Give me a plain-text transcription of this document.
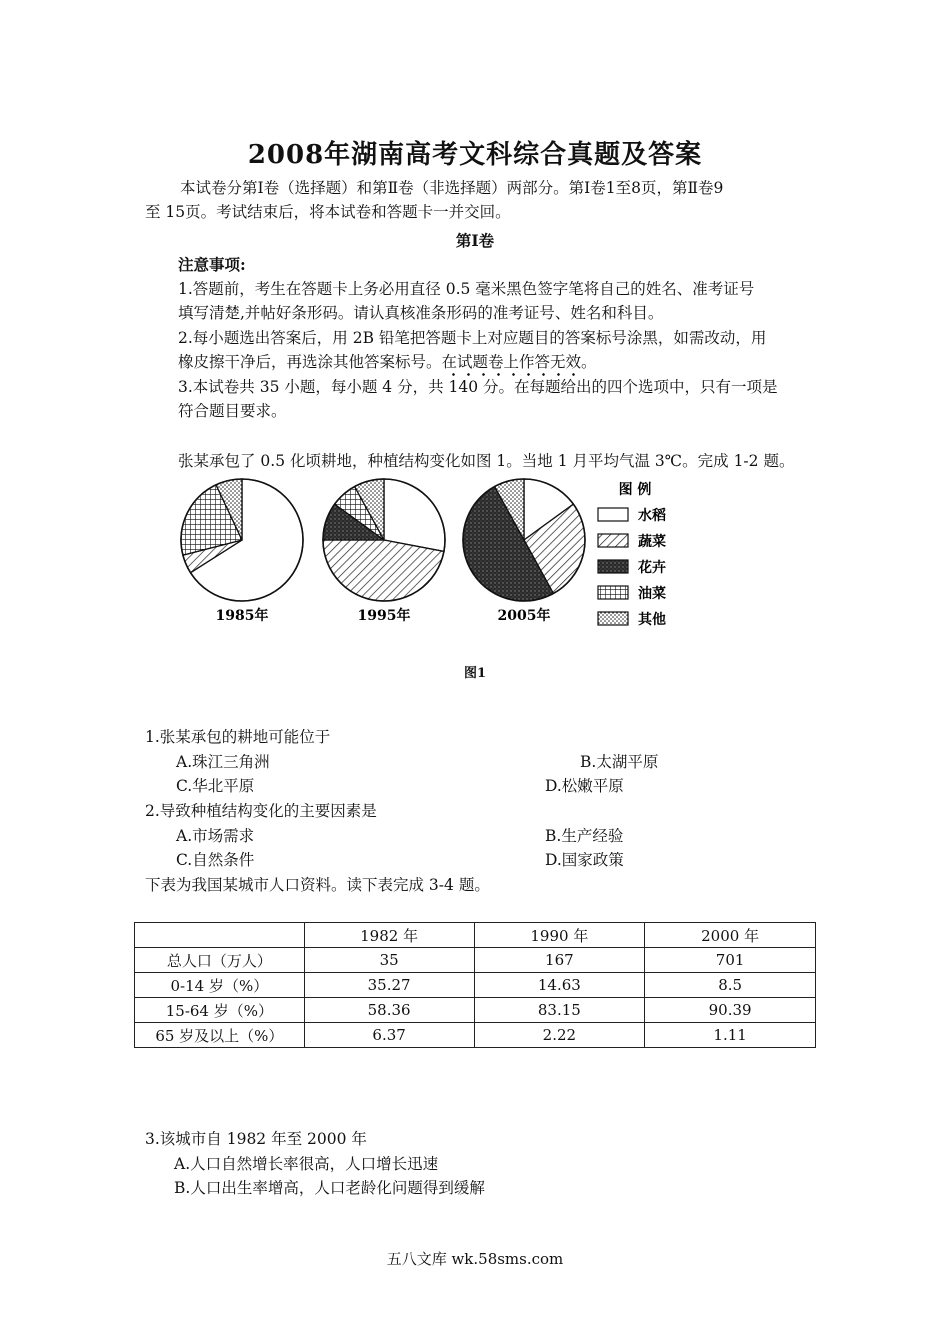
2008年湖南高考文科综合真题及答案
本试卷分第Ⅰ卷（选择题）和第Ⅱ卷（非选择题）两部分。第Ⅰ卷1至8页，第Ⅱ卷9
至 15页。考试结束后，将本试卷和答题卡一并交回。
第Ⅰ卷
注意事项:
1.答题前，考生在答题卡上务必用直径 0.5 毫米黑色签字笔将自己的姓名、准考证号
填写清楚,并帖好条形码。请认真核准条形码的准考证号、姓名和科目。
2.每小题选出答案后，用 2B 铅笔把答题卡上对应题目的答案标号涂黑，如需改动，用
橡皮擦干净后，再选涂其他答案标号。在试题卷上作答无效。
3.本试卷共 35 小题，每小题 4 分，共 140 分。在每题给出的四个选项中，只有一项是
符合题目要求。
张某承包了 0.5 化顷耕地，种植结构变化如图 1。当地 1 月平均气温 3℃。完成 1-2 题。
1985年	1995年	2005年
图 例
水稻
蔬菜
花卉
油菜
其他
图1
1.张某承包的耕地可能位于
A.珠江三角洲	B.太湖平原
C.华北平原	D.松嫩平原
2.导致种植结构变化的主要因素是
A.市场需求	B.生产经验
C.自然条件	D.国家政策
下表为我国某城市人口资料。读下表完成 3-4 题。
	1982 年	1990 年	2000 年
总人口（万人）	35	167	701
0-14 岁（%）	35.27	14.63	8.5
15-64 岁（%）	58.36	83.15	90.39
65 岁及以上（%）	6.37	2.22	1.11
3.该城市自 1982 年至 2000 年
A.人口自然增长率很高，人口增长迅速
B.人口出生率增高，人口老龄化问题得到缓解
五八文库 wk.58sms.com
